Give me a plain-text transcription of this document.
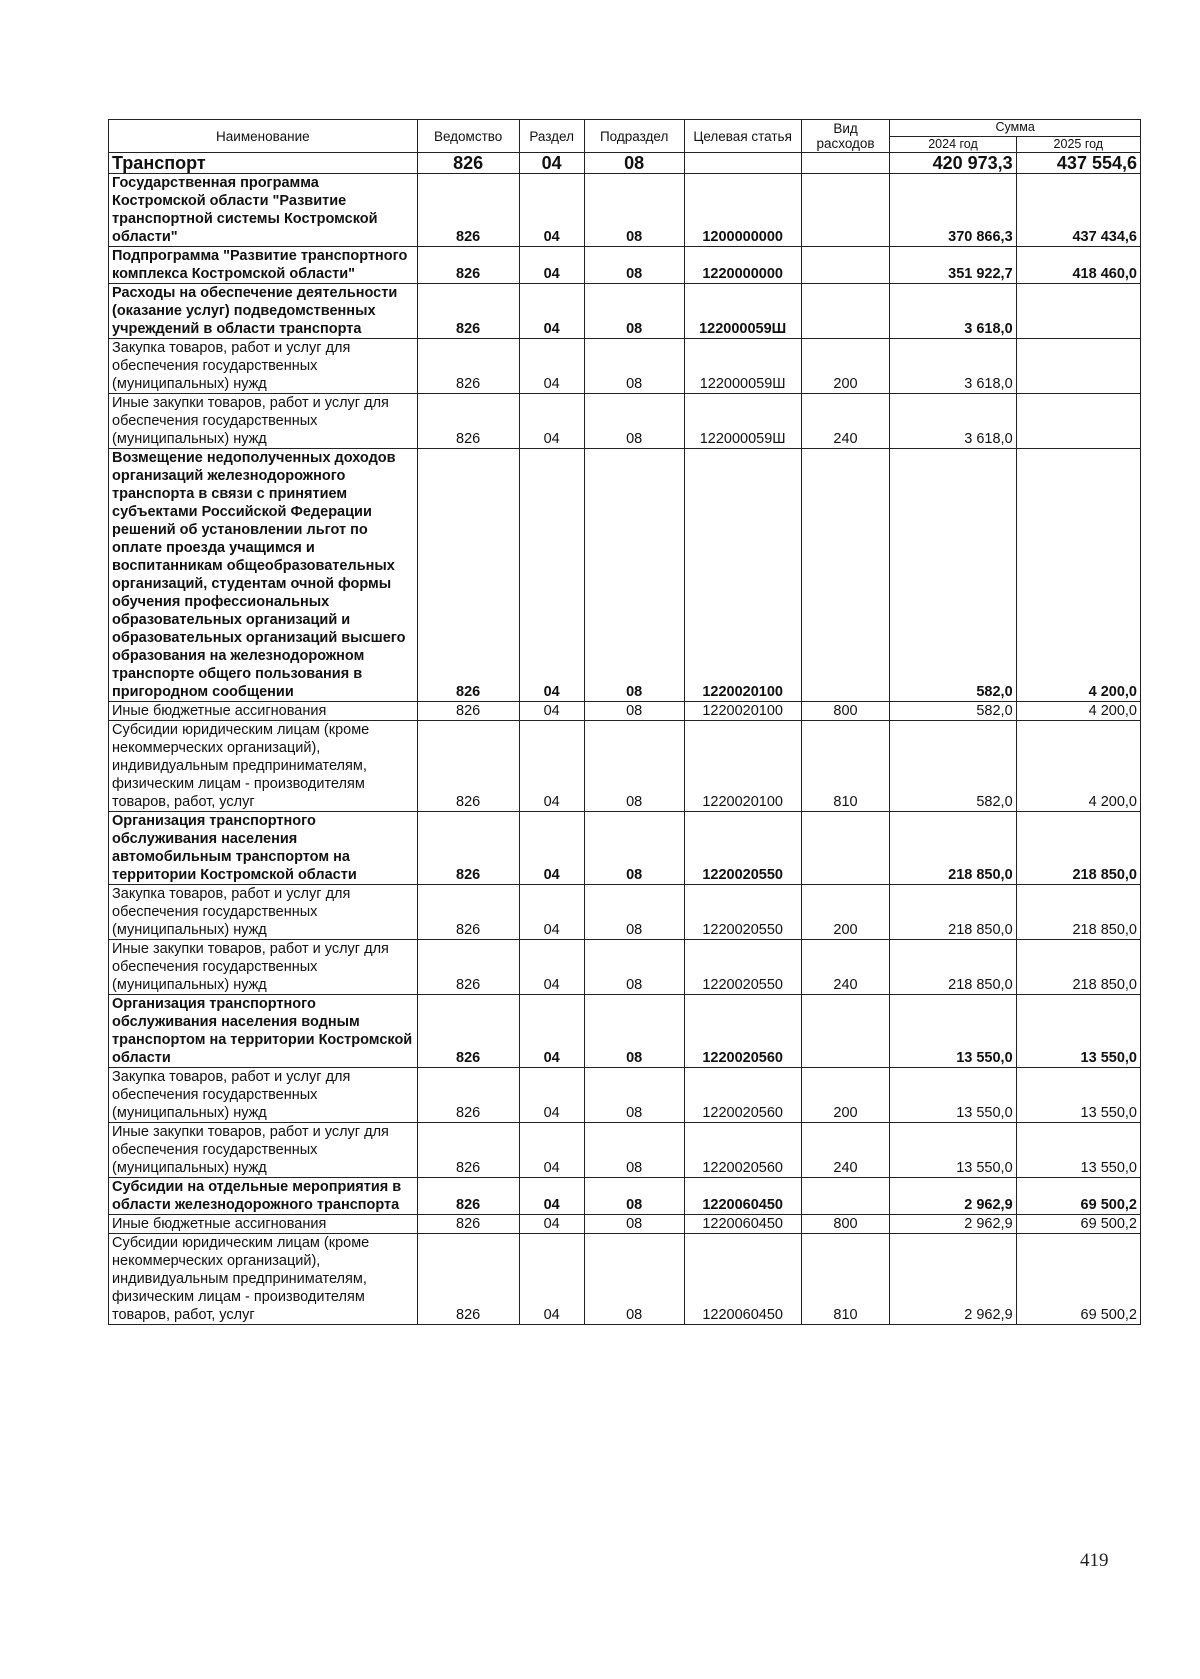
Наименование	Ведомство	Раздел	Подраздел	Целевая статья	Вид расходов	Сумма	
						2024 год	2025 год
Транспорт	826	04	08			420 973,3	437 554,6
Государственная программа Костромской области "Развитие транспортной системы Костромской области"	826	04	08	1200000000		370 866,3	437 434,6
Подпрограмма "Развитие транспортного комплекса Костромской области"	826	04	08	1220000000		351 922,7	418 460,0
Расходы на обеспечение деятельности (оказание услуг) подведомственных учреждений в области транспорта	826	04	08	122000059Ш		3 618,0	
Закупка товаров, работ и услуг для обеспечения государственных (муниципальных) нужд	826	04	08	122000059Ш	200	3 618,0	
Иные закупки товаров, работ и услуг для обеспечения государственных (муниципальных) нужд	826	04	08	122000059Ш	240	3 618,0	
Возмещение недополученных доходов организаций железнодорожного транспорта в связи с принятием субъектами Российской Федерации решений об установлении льгот по оплате проезда учащимся и воспитанникам общеобразовательных организаций, студентам очной формы обучения профессиональных образовательных организаций и образовательных организаций высшего образования на железнодорожном транспорте общего пользования в пригородном сообщении	826	04	08	1220020100		582,0	4 200,0
Иные бюджетные ассигнования	826	04	08	1220020100	800	582,0	4 200,0
Субсидии юридическим лицам (кроме некоммерческих организаций), индивидуальным предпринимателям, физическим лицам - производителям товаров, работ, услуг	826	04	08	1220020100	810	582,0	4 200,0
Организация транспортного обслуживания населения автомобильным транспортом на территории Костромской области	826	04	08	1220020550		218 850,0	218 850,0
Закупка товаров, работ и услуг для обеспечения государственных (муниципальных) нужд	826	04	08	1220020550	200	218 850,0	218 850,0
Иные закупки товаров, работ и услуг для обеспечения государственных (муниципальных) нужд	826	04	08	1220020550	240	218 850,0	218 850,0
Организация транспортного обслуживания населения водным транспортом на территории Костромской области	826	04	08	1220020560		13 550,0	13 550,0
Закупка товаров, работ и услуг для обеспечения государственных (муниципальных) нужд	826	04	08	1220020560	200	13 550,0	13 550,0
Иные закупки товаров, работ и услуг для обеспечения государственных (муниципальных) нужд	826	04	08	1220020560	240	13 550,0	13 550,0
Субсидии на отдельные мероприятия в области железнодорожного транспорта	826	04	08	1220060450		2 962,9	69 500,2
Иные бюджетные ассигнования	826	04	08	1220060450	800	2 962,9	69 500,2
Субсидии юридическим лицам (кроме некоммерческих организаций), индивидуальным предпринимателям, физическим лицам - производителям товаров, работ, услуг	826	04	08	1220060450	810	2 962,9	69 500,2
419
